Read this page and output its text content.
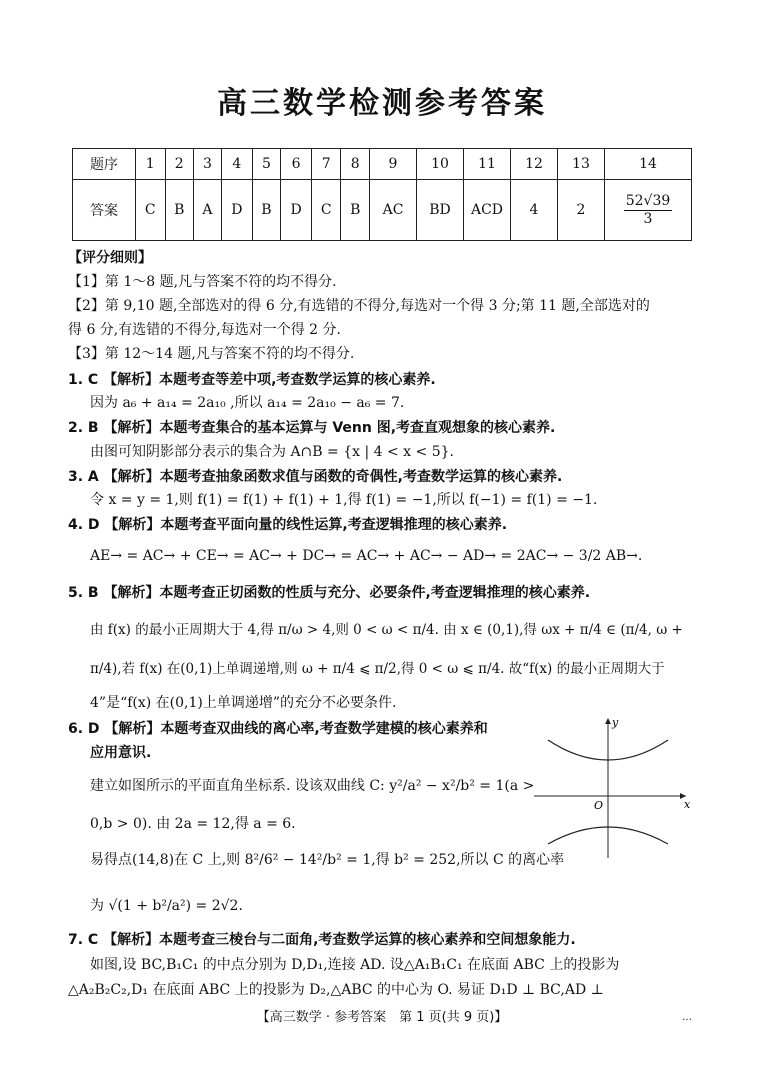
高三数学检测参考答案
题序	1	2	3	4	5	6	7	8	9	10	11	12	13	14
答案	C	B	A	D	B	D	C	B	AC	BD	ACD	4	2	$\frac{52√39}{3}$
【评分细则】
【1】第 1～8 题,凡与答案不符的均不得分.
【2】第 9,10 题,全部选对的得 6 分,有选错的不得分,每选对一个得 3 分;第 11 题,全部选对的
得 6 分,有选错的不得分,每选对一个得 2 分.
【3】第 12～14 题,凡与答案不符的均不得分.
1. C 【解析】本题考查等差中项,考查数学运算的核心素养.
因为 a₆ + a₁₄ = 2a₁₀ ,所以 a₁₄ = 2a₁₀ − a₆ = 7.
2. B 【解析】本题考查集合的基本运算与 Venn 图,考查直观想象的核心素养.
由图可知阴影部分表示的集合为 A∩B = {x | 4 < x < 5}.
3. A 【解析】本题考查抽象函数求值与函数的奇偶性,考查数学运算的核心素养.
令 x = y = 1,则 f(1) = f(1) + f(1) + 1,得 f(1) = −1,所以 f(−1) = f(1) = −1.
4. D 【解析】本题考查平面向量的线性运算,考查逻辑推理的核心素养.
AE→ = AC→ + CE→ = AC→ + DC→ = AC→ + AC→ − AD→ = 2AC→ − 3/2 AB→.
5. B 【解析】本题考查正切函数的性质与充分、必要条件,考查逻辑推理的核心素养.
由 f(x) 的最小正周期大于 4,得 π/ω > 4,则 0 < ω < π/4. 由 x ∈ (0,1),得 ωx + π/4 ∈ (π/4, ω +
π/4),若 f(x) 在(0,1)上单调递增,则 ω + π/4 ⩽ π/2,得 0 < ω ⩽ π/4. 故“f(x) 的最小正周期大于
4”是“f(x) 在(0,1)上单调递增”的充分不必要条件.
6. D 【解析】本题考查双曲线的离心率,考查数学建模的核心素养和
应用意识.
建立如图所示的平面直角坐标系. 设该双曲线 C: y²/a² − x²/b² = 1(a >
0,b > 0). 由 2a = 12,得 a = 6.
易得点(14,8)在 C 上,则 8²/6² − 14²/b² = 1,得 b² = 252,所以 C 的离心率
为 √(1 + b²/a²) = 2√2.
y
x
O
7. C 【解析】本题考查三棱台与二面角,考查数学运算的核心素养和空间想象能力.
如图,设 BC,B₁C₁ 的中点分别为 D,D₁,连接 AD. 设△A₁B₁C₁ 在底面 ABC 上的投影为
△A₂B₂C₂,D₁ 在底面 ABC 上的投影为 D₂,△ABC 的中心为 O. 易证 D₁D ⊥ BC,AD ⊥
【高三数学 · 参考答案　第 1 页(共 9 页)】	…
